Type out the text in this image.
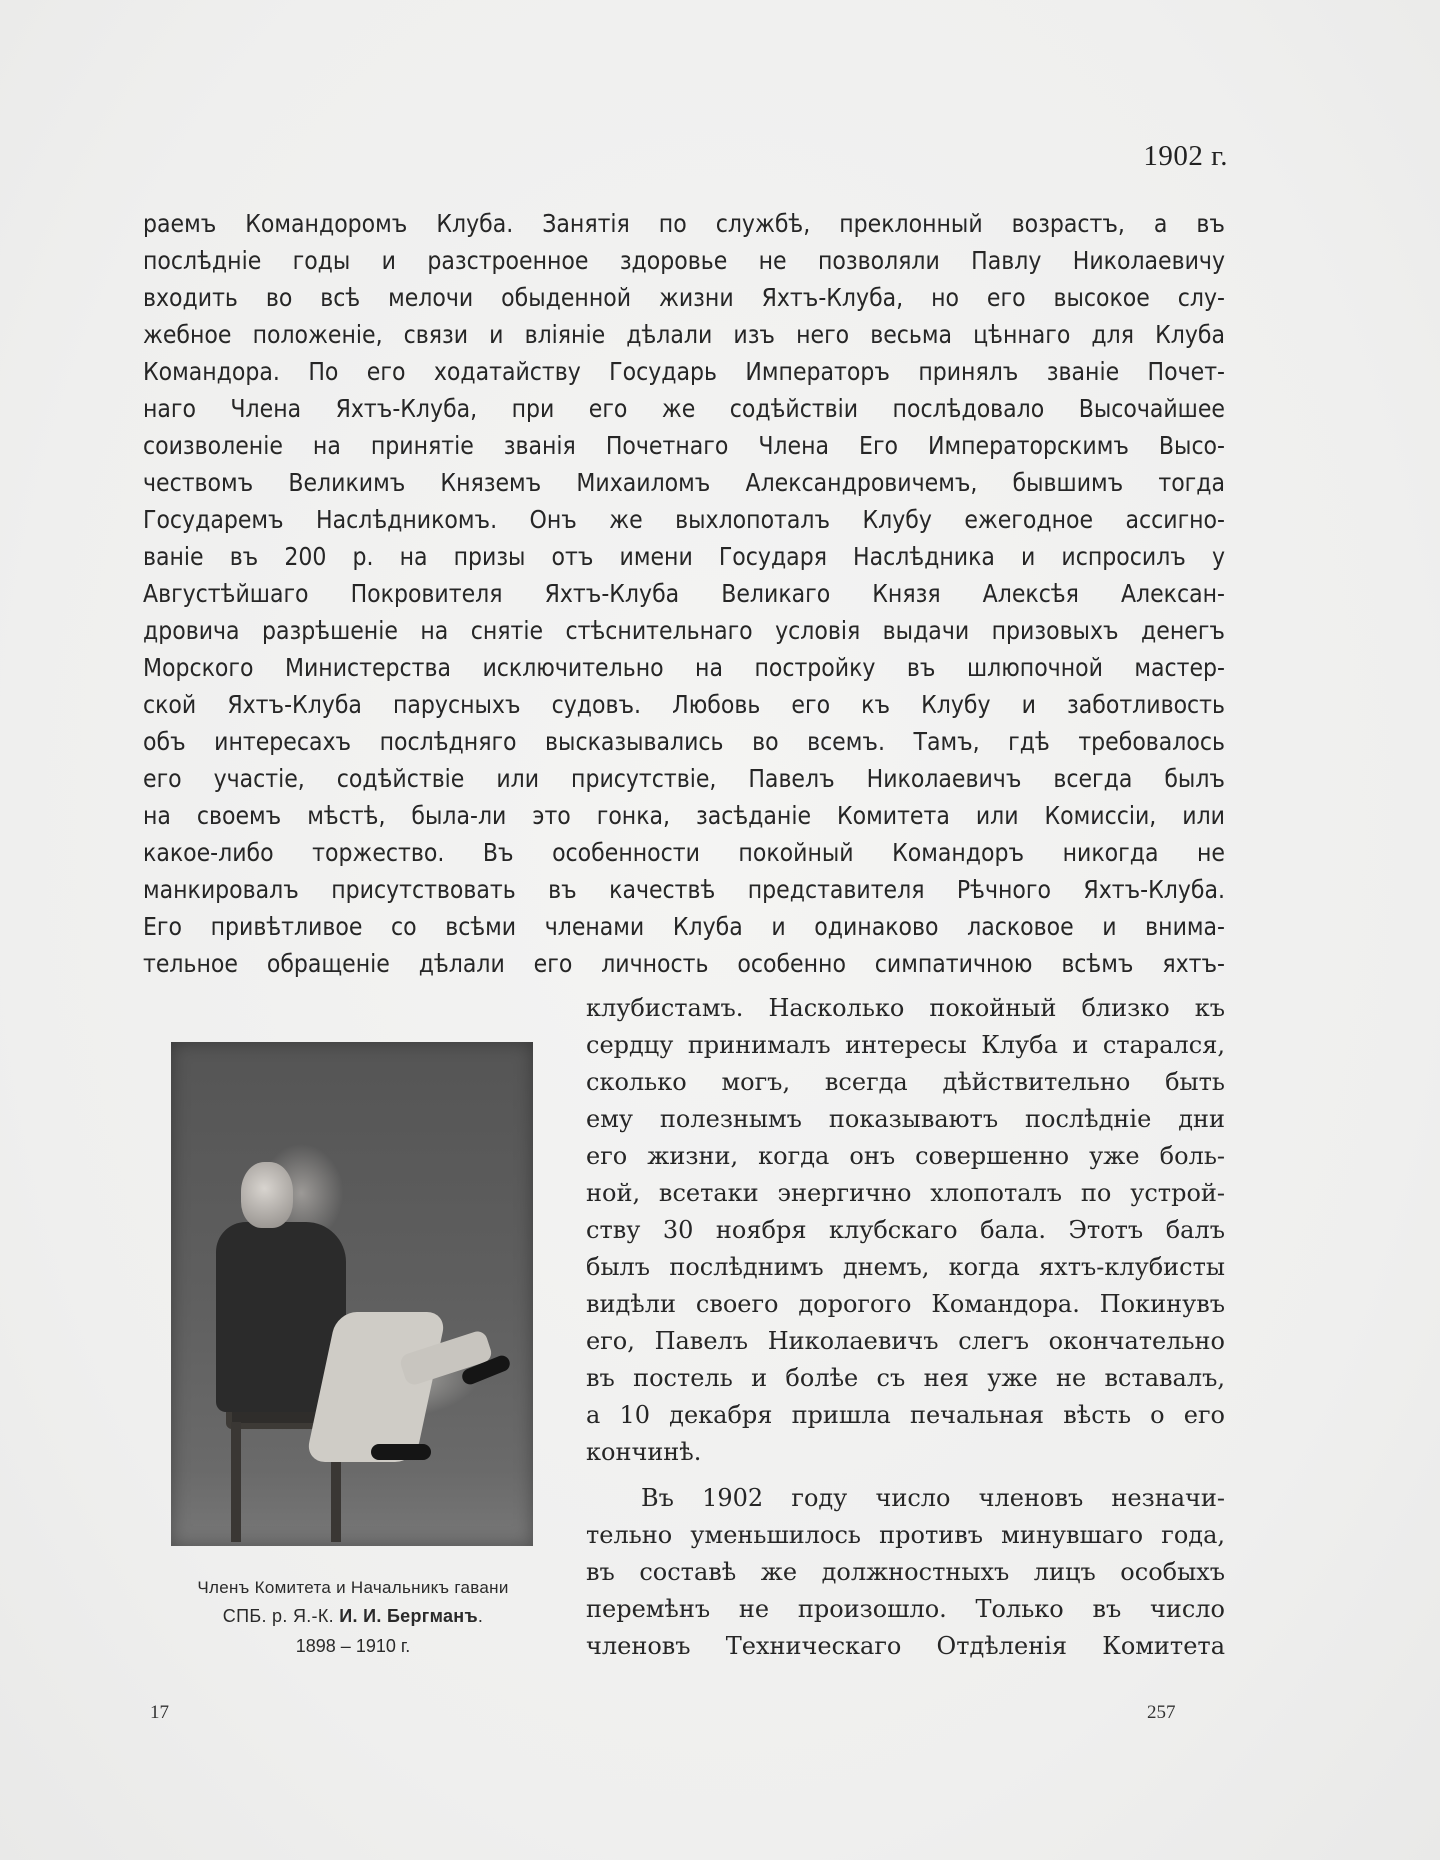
1902 г.
раемъ Командоромъ Клуба. Занятія по службѣ, преклонный возрастъ, а въ
послѣдніе годы и разстроенное здоровье не позволяли Павлу Николаевичу
входить во всѣ мелочи обыденной жизни Яхтъ-Клуба, но его высокое слу-
жебное положеніе, связи и вліяніе дѣлали изъ него весьма цѣннаго для Клуба
Командора. По его ходатайству Государь Императоръ принялъ званіе Почет-
наго Члена Яхтъ-Клуба, при его же содѣйствіи послѣдовало Высочайшее
соизволеніе на принятіе званія Почетнаго Члена Его Императорскимъ Высо-
чествомъ Великимъ Княземъ Михаиломъ Александровичемъ, бывшимъ тогда
Государемъ Наслѣдникомъ. Онъ же выхлопоталъ Клубу ежегодное ассигно-
ваніе въ 200 р. на призы отъ имени Государя Наслѣдника и испросилъ у
Августѣйшаго Покровителя Яхтъ-Клуба Великаго Князя Алексѣя Алексан-
дровича разрѣшеніе на снятіе стѣснительнаго условія выдачи призовыхъ денегъ
Морского Министерства исключительно на постройку въ шлюпочной мастер-
ской Яхтъ-Клуба парусныхъ судовъ. Любовь его къ Клубу и заботливость
объ интересахъ послѣдняго высказывались во всемъ. Тамъ, гдѣ требовалось
его участіе, содѣйствіе или присутствіе, Павелъ Николаевичъ всегда былъ
на своемъ мѣстѣ, была-ли это гонка, засѣданіе Комитета или Комиссіи, или
какое-либо торжество. Въ особенности покойный Командоръ никогда не
манкировалъ присутствовать въ качествѣ представителя Рѣчного Яхтъ-Клуба.
Его привѣтливое со всѣми членами Клуба и одинаково ласковое и внима-
тельное обращеніе дѣлали его личность особенно симпатичною всѣмъ яхтъ-
клубистамъ. Насколько покойный близко къ
сердцу принималъ интересы Клуба и старался,
сколько могъ, всегда дѣйствительно быть
ему полезнымъ показываютъ послѣдніе дни
его жизни, когда онъ совершенно уже боль-
ной, всетаки энергично хлопоталъ по устрой-
ству 30 ноября клубскаго бала. Этотъ балъ
былъ послѣднимъ днемъ, когда яхтъ-клубисты
видѣли своего дорогого Командора. Покинувъ
его, Павелъ Николаевичъ слегъ окончательно
въ постель и болѣе съ нея уже не вставалъ,
а 10 декабря пришла печальная вѣсть о его
кончинѣ.
Въ 1902 году число членовъ незначи-
тельно уменьшилось противъ минувшаго года,
въ составѣ же должностныхъ лицъ особыхъ
перемѣнъ не произошло. Только въ число
членовъ Техническаго Отдѣленія Комитета
Членъ Комитета и Начальникъ гавани
СПБ. р. Я.-К. И. И. Бергманъ.
1898 – 1910 г.
17	257
